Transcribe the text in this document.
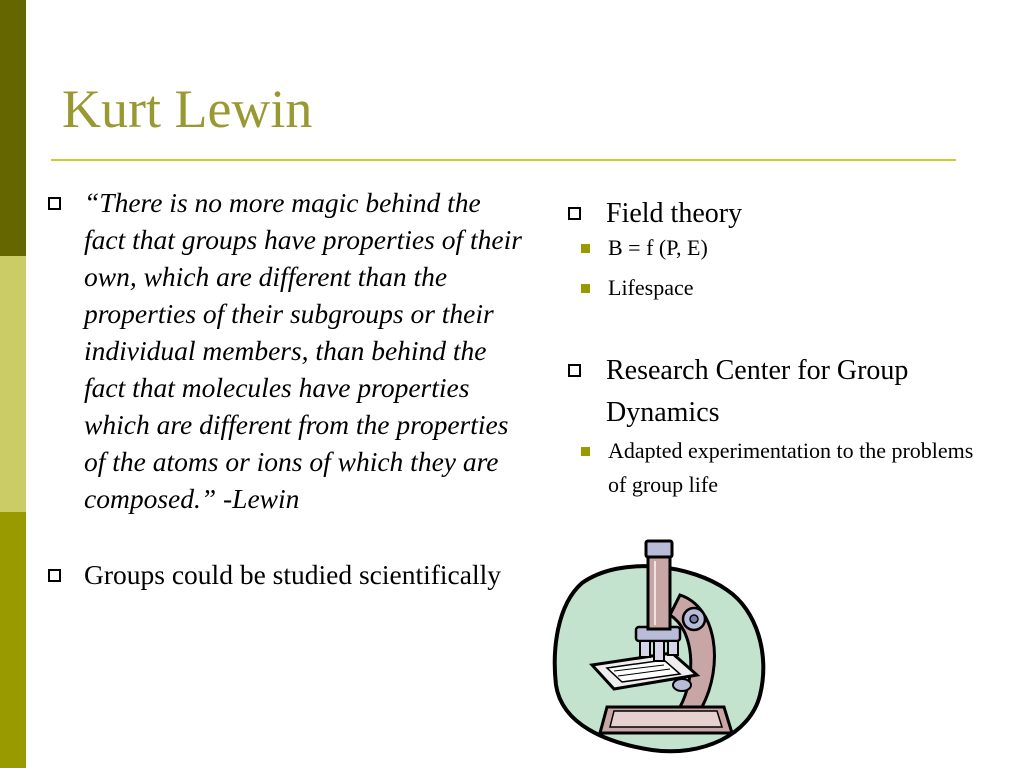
Kurt Lewin
“There is no more magic behind the fact that groups have properties of their own, which are different than the properties of their subgroups or their individual members, than behind the fact that molecules have properties which are different from the properties of the atoms or ions of which they are composed.” -Lewin
Groups could be studied scientifically
Field theory
B = f (P, E)
Lifespace
Research Center for Group Dynamics
Adapted experimentation to the problems of group life
